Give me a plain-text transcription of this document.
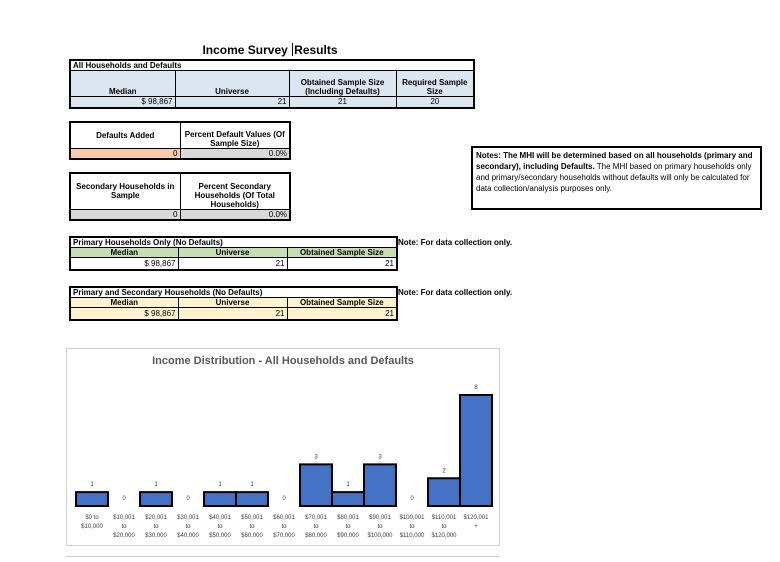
Income Survey Results
All Households and Defaults			
Median	Universe	Obtained Sample Size (Including Defaults)	Required Sample Size
$ 98,867	21	21	20
Defaults Added	Percent Default Values (Of Sample Size)
0	0.0%
Secondary Households in Sample	Percent Secondary Households (Of Total Households)
0	0.0%
Notes: The MHI will be determined based on all households (primary and secondary), including Defaults. The MHI based on primary households only and primary/secondary households without defaults will only be calculated for data collection/analysis purposes only.
Primary Households Only (No Defaults)		
Median	Universe	Obtained Sample Size
$ 98,867	21	21
Note: For data collection only.
Primary and Secondary Households (No Defaults)		
Median	Universe	Obtained Sample Size
$ 98,867	21	21
Note: For data collection only.
Income Distribution - All Households and Defaults
1
$0 to
$10,000
0
$10,001
to
$20,000
1
$20,001
to
$30,000
0
$30,001
to
$40,000
1
$40,001
to
$50,000
1
$50,001
to
$60,000
0
$60,001
to
$70,000
3
$70,001
to
$80,000
1
$80,001
to
$90,000
3
$90,001
to
$100,000
0
$100,001
to
$110,000
2
$110,001
to
$120,000
8
$120,001
+
